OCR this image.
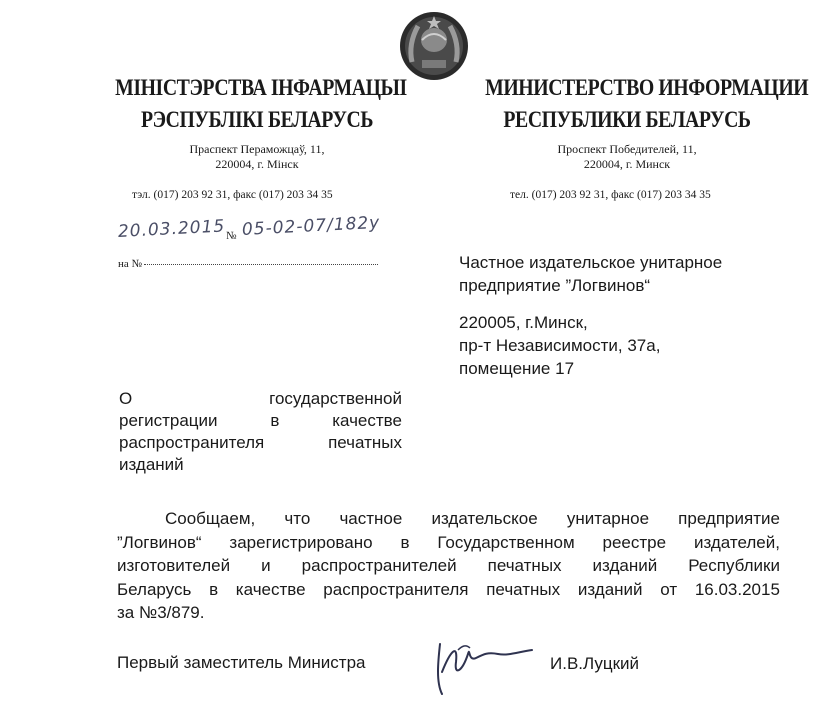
МІНІСТЭРСТВА ІНФАРМАЦЫІ
РЭСПУБЛІКІ БЕЛАРУСЬ
Праспект Пераможцаў, 11,
220004, г. Мінск
тэл. (017) 203 92 31, факс (017) 203 34 35
МИНИСТЕРСТВО ИНФОРМАЦИИ
РЕСПУБЛИКИ БЕЛАРУСЬ
Проспект Победителей, 11,
220004, г. Минск
тел. (017) 203 92 31, факс (017) 203 34 35
20.03.2015 № 05-02-07/182у
на №	Частное издательское унитарное
предприятие ”Логвинов“
220005, г.Минск,
пр-т Независимости, 37а,
помещение 17
О	государственной
регистрации	в	качестве
распространителя	печатных
изданий
Сообщаем, что частное издательское унитарное предприятие
”Логвинов“ зарегистрировано в Государственном реестре издателей,
изготовителей и распространителей печатных изданий Республики
Беларусь в качестве распространителя печатных изданий от 16.03.2015
за №3/879.
Первый заместитель Министра	И.В.Луцкий
